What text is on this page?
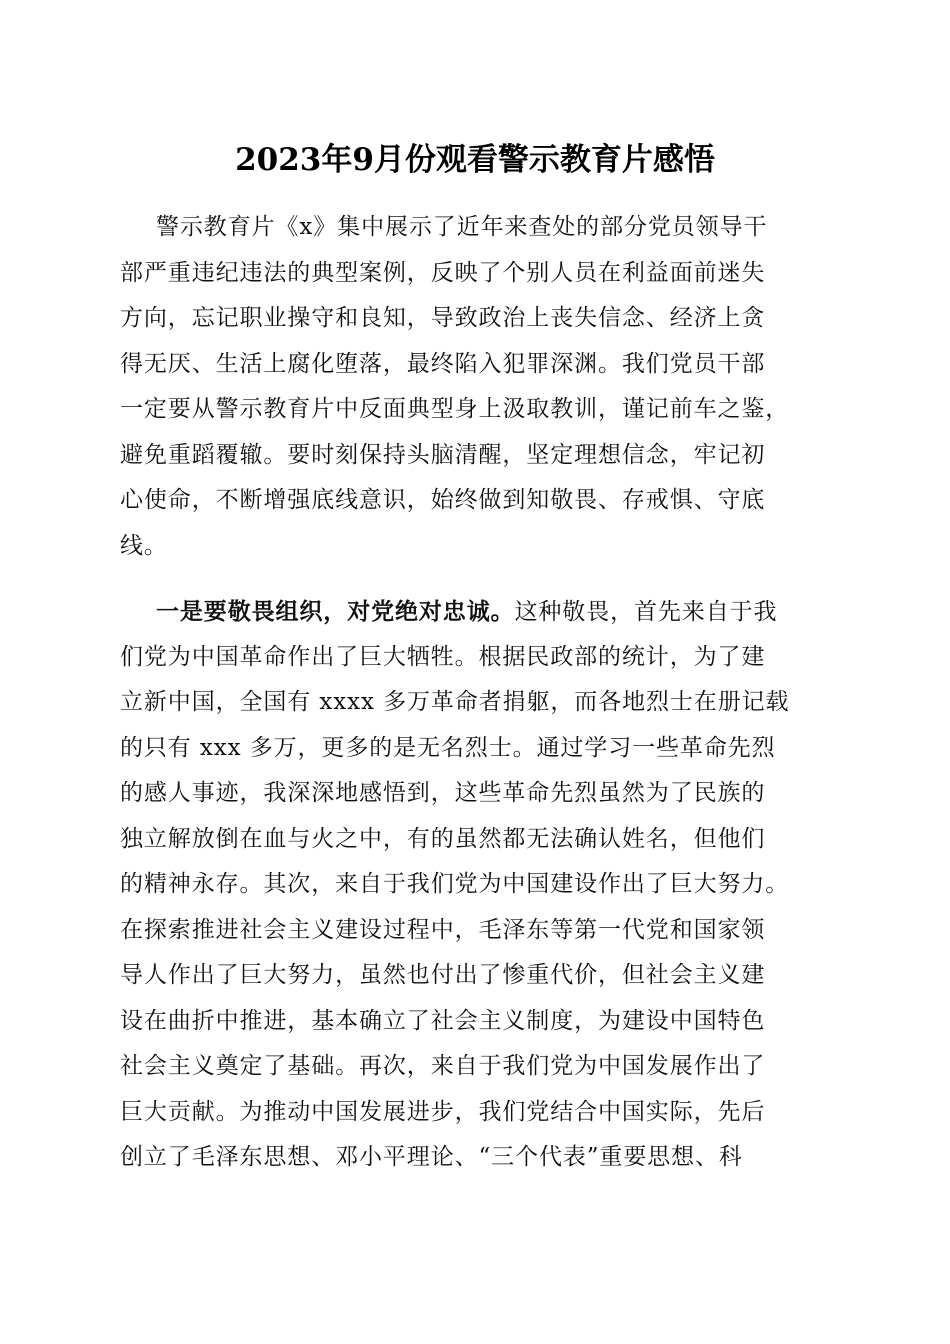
2023年9月份观看警示教育片感悟
警示教育片《x》集中展示了近年来查处的部分党员领导干
部严重违纪违法的典型案例，反映了个别人员在利益面前迷失
方向，忘记职业操守和良知，导致政治上丧失信念、经济上贪
得无厌、生活上腐化堕落，最终陷入犯罪深渊。我们党员干部
一定要从警示教育片中反面典型身上汲取教训，谨记前车之鉴，
避免重蹈覆辙。要时刻保持头脑清醒，坚定理想信念，牢记初
心使命，不断增强底线意识，始终做到知敬畏、存戒惧、守底
线。
一是要敬畏组织，对党绝对忠诚。这种敬畏，首先来自于我
们党为中国革命作出了巨大牺牲。根据民政部的统计，为了建
立新中国，全国有 xxxx 多万革命者捐躯，而各地烈士在册记载
的只有 xxx 多万，更多的是无名烈士。通过学习一些革命先烈
的感人事迹，我深深地感悟到，这些革命先烈虽然为了民族的
独立解放倒在血与火之中，有的虽然都无法确认姓名，但他们
的精神永存。其次，来自于我们党为中国建设作出了巨大努力。
在探索推进社会主义建设过程中，毛泽东等第一代党和国家领
导人作出了巨大努力，虽然也付出了惨重代价，但社会主义建
设在曲折中推进，基本确立了社会主义制度，为建设中国特色
社会主义奠定了基础。再次，来自于我们党为中国发展作出了
巨大贡献。为推动中国发展进步，我们党结合中国实际，先后
创立了毛泽东思想、邓小平理论、“三个代表”重要思想、科
